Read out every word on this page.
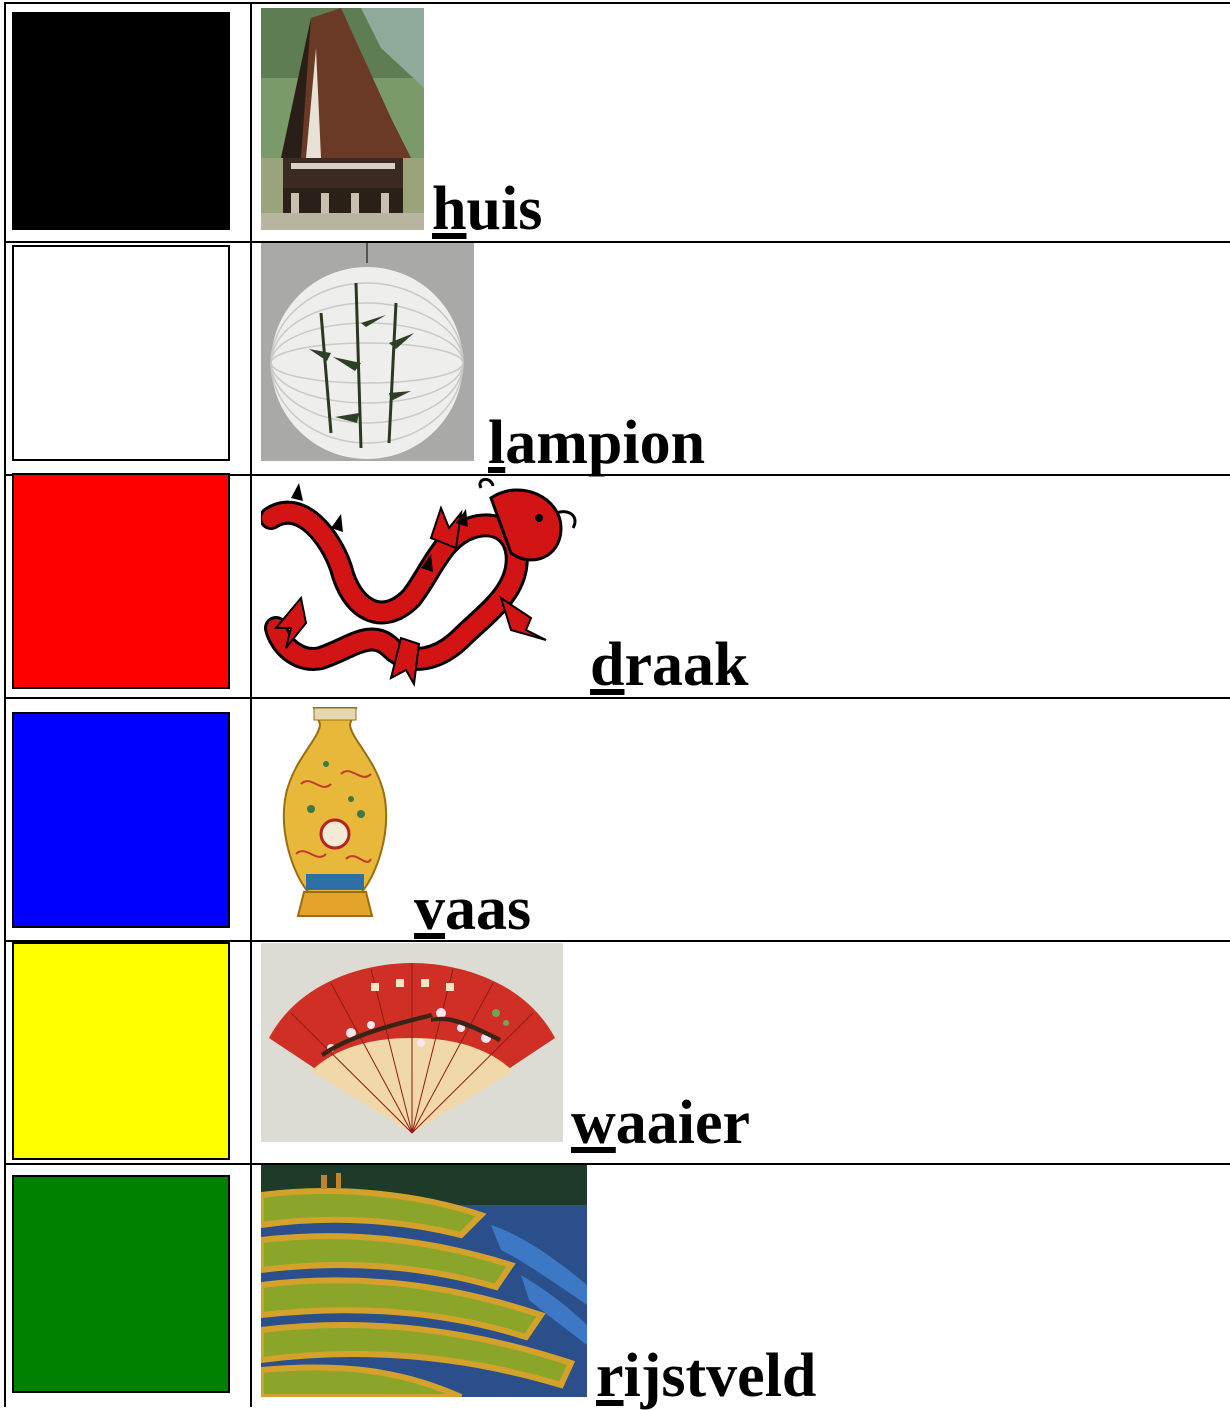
huis
lampion
draak
vaas
waaier
rijstveld
